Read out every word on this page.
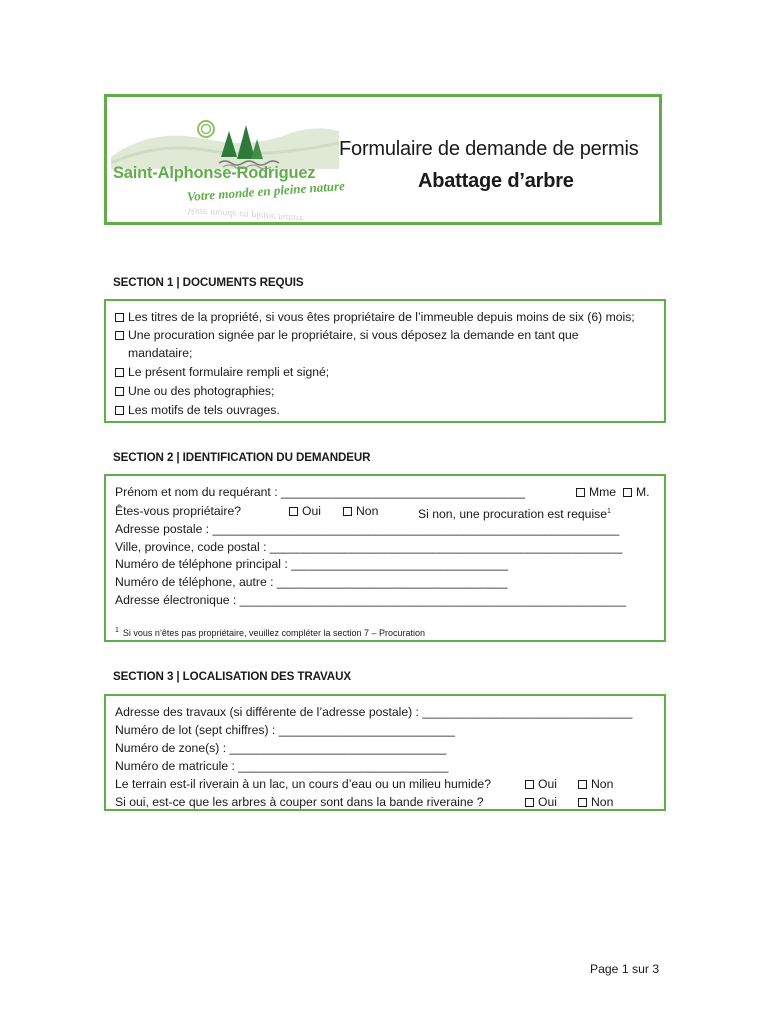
Saint-Alphonse-Rodriguez
Votre monde en pleine nature
Votre monde en pleine nature
Formulaire de demande de permis
Abattage d’arbre
SECTION 1 | DOCUMENTS REQUIS
Les titres de la propriété, si vous êtes propriétaire de l’immeuble depuis moins de six (6) mois;
Une procuration signée par le propriétaire, si vous déposez la demande en tant que
mandataire;
Le présent formulaire rempli et signé;
Une ou des photographies;
Les motifs de tels ouvrages.
SECTION 2 | IDENTIFICATION DU DEMANDEUR
Prénom et nom du requérant : ____________________________________	Mme	M.
Êtes-vous propriétaire?	Oui	Non	Si non, une procuration est requise$^1$
Adresse postale : ____________________________________________________________
Ville, province, code postal : ____________________________________________________
Numéro de téléphone principal : ________________________________
Numéro de téléphone, autre : __________________________________
Adresse électronique : _________________________________________________________
$^1$ Si vous n’êtes pas propriétaire, veuillez compléter la section 7 – Procuration
SECTION 3 | LOCALISATION DES TRAVAUX
Adresse des travaux (si différente de l’adresse postale) : _______________________________
Numéro de lot (sept chiffres) : __________________________
Numéro de zone(s) : ________________________________
Numéro de matricule : _______________________________
Le terrain est-il riverain à un lac, un cours d’eau ou un milieu humide?	Oui	Non
Si oui, est-ce que les arbres à couper sont dans la bande riveraine ?	Oui	Non
Page 1 sur 3
